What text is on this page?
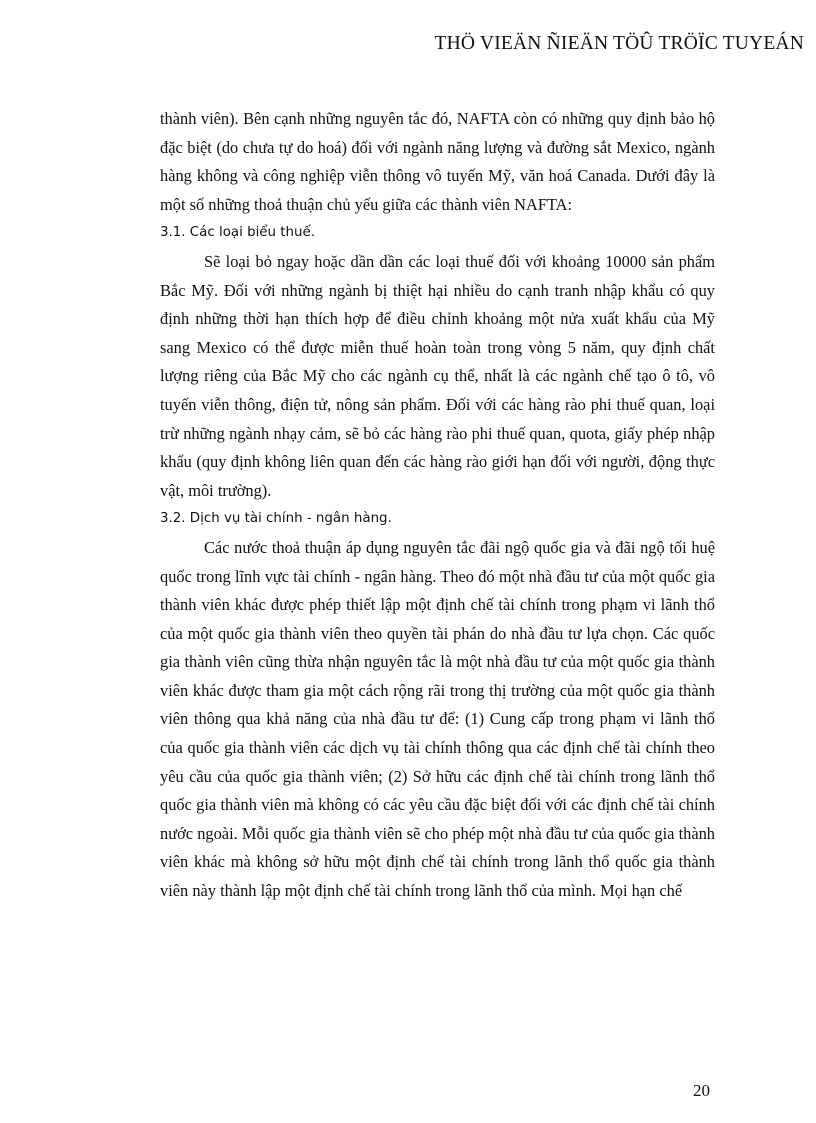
THÖ VIEÄN ÑIEÄN TÖÛ TRÖÏC TUYEÁN

thành viên). Bên cạnh những nguyên tắc đó, NAFTA còn có những quy định bảo hộ đặc biệt (do chưa tự do hoá) đối với ngành năng lượng và đường sắt Mexico, ngành hàng không và công nghiệp viễn thông vô tuyến Mỹ, văn hoá Canada. Dưới đây là một số những thoả thuận chủ yếu giữa các thành viên NAFTA:

3.1. Các loại biểu thuế.

Sẽ loại bỏ ngay hoặc dần dần các loại thuế đối với khoảng 10000 sản phẩm Bắc Mỹ. Đối với những ngành bị thiệt hại nhiều do cạnh tranh nhập khẩu có quy định những thời hạn thích hợp để điều chỉnh khoảng một nửa xuất khẩu của Mỹ sang Mexico có thể được miễn thuế hoàn toàn trong vòng 5 năm, quy định chất lượng riêng của Bắc Mỹ cho các ngành cụ thể, nhất là các ngành chế tạo ô tô, vô tuyến viễn thông, điện tử, nông sản phẩm. Đối với các hàng rào phi thuế quan, loại trừ những ngành nhạy cảm, sẽ bỏ các hàng rào phi thuế quan, quota, giấy phép nhập khẩu (quy định không liên quan đến các hàng rào giới hạn đối với người, động thực vật, môi trường).

3.2. Dịch vụ tài chính - ngân hàng.

Các nước thoả thuận áp dụng nguyên tắc đãi ngộ quốc gia và đãi ngộ tối huệ quốc trong lĩnh vực tài chính - ngân hàng. Theo đó một nhà đầu tư của một quốc gia thành viên khác được phép thiết lập một định chế tài chính trong phạm vi lãnh thổ của một quốc gia thành viên theo quyền tài phán do nhà đầu tư lựa chọn. Các quốc gia thành viên cũng thừa nhận nguyên tắc là một nhà đầu tư của một quốc gia thành viên khác được tham gia một cách rộng rãi trong thị trường của một quốc gia thành viên thông qua khả năng của nhà đầu tư để: (1) Cung cấp trong phạm vi lãnh thổ của quốc gia thành viên các dịch vụ tài chính thông qua các định chế tài chính theo yêu cầu của quốc gia thành viên; (2) Sở hữu các định chế tài chính trong lãnh thổ quốc gia thành viên mà không có các yêu cầu đặc biệt đối với các định chế tài chính nước ngoài. Mỗi quốc gia thành viên sẽ cho phép một nhà đầu tư của quốc gia thành viên khác mà không sở hữu một định chế tài chính trong lãnh thổ quốc gia thành viên này thành lập một định chế tài chính trong lãnh thổ của mình. Mọi hạn chế

20
